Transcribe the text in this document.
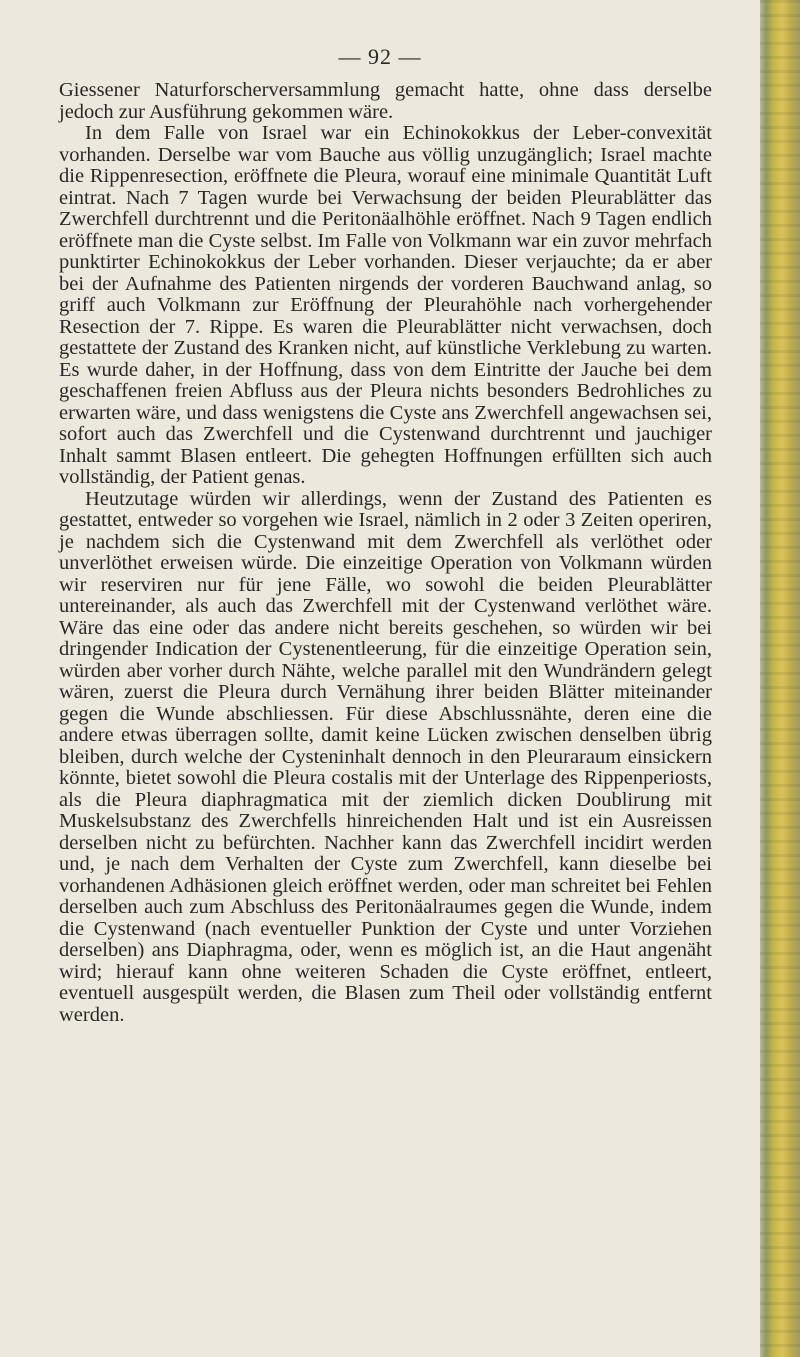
— 92 —

Giessener Naturforscherversammlung gemacht hatte, ohne dass derselbe jedoch zur Ausführung gekommen wäre.

In dem Falle von Israel war ein Echinokokkus der Leber-convexität vorhanden. Derselbe war vom Bauche aus völlig unzugänglich; Israel machte die Rippenresection, eröffnete die Pleura, worauf eine minimale Quantität Luft eintrat. Nach 7 Tagen wurde bei Verwachsung der beiden Pleurablätter das Zwerchfell durchtrennt und die Peritonäalhöhle eröffnet. Nach 9 Tagen endlich eröffnete man die Cyste selbst. Im Falle von Volkmann war ein zuvor mehrfach punktirter Echinokokkus der Leber vorhanden. Dieser verjauchte; da er aber bei der Aufnahme des Patienten nirgends der vorderen Bauchwand anlag, so griff auch Volkmann zur Eröffnung der Pleurahöhle nach vorhergehender Resection der 7. Rippe. Es waren die Pleurablätter nicht verwachsen, doch gestattete der Zustand des Kranken nicht, auf künstliche Verklebung zu warten. Es wurde daher, in der Hoffnung, dass von dem Eintritte der Jauche bei dem geschaffenen freien Abfluss aus der Pleura nichts besonders Bedrohliches zu erwarten wäre, und dass wenigstens die Cyste ans Zwerchfell angewachsen sei, sofort auch das Zwerchfell und die Cystenwand durchtrennt und jauchiger Inhalt sammt Blasen entleert. Die gehegten Hoffnungen erfüllten sich auch vollständig, der Patient genas.

Heutzutage würden wir allerdings, wenn der Zustand des Patienten es gestattet, entweder so vorgehen wie Israel, nämlich in 2 oder 3 Zeiten operiren, je nachdem sich die Cystenwand mit dem Zwerchfell als verlöthet oder unverlöthet erweisen würde. Die einzeitige Operation von Volkmann würden wir reserviren nur für jene Fälle, wo sowohl die beiden Pleurablätter untereinander, als auch das Zwerchfell mit der Cystenwand verlöthet wäre. Wäre das eine oder das andere nicht bereits geschehen, so würden wir bei dringender Indication der Cystenentleerung, für die einzeitige Operation sein, würden aber vorher durch Nähte, welche parallel mit den Wundrändern gelegt wären, zuerst die Pleura durch Vernähung ihrer beiden Blätter miteinander gegen die Wunde abschliessen. Für diese Abschlussnähte, deren eine die andere etwas überragen sollte, damit keine Lücken zwischen denselben übrig bleiben, durch welche der Cysteninhalt dennoch in den Pleuraraum einsickern könnte, bietet sowohl die Pleura costalis mit der Unterlage des Rippenperiosts, als die Pleura diaphragmatica mit der ziemlich dicken Doublirung mit Muskelsubstanz des Zwerchfells hinreichenden Halt und ist ein Ausreissen derselben nicht zu befürchten. Nachher kann das Zwerchfell incidirt werden und, je nach dem Verhalten der Cyste zum Zwerchfell, kann dieselbe bei vorhandenen Adhäsionen gleich eröffnet werden, oder man schreitet bei Fehlen derselben auch zum Abschluss des Peritonäalraumes gegen die Wunde, indem die Cystenwand (nach eventueller Punktion der Cyste und unter Vorziehen derselben) ans Diaphragma, oder, wenn es möglich ist, an die Haut angenäht wird; hierauf kann ohne weiteren Schaden die Cyste eröffnet, entleert, eventuell ausgespült werden, die Blasen zum Theil oder vollständig entfernt werden.
